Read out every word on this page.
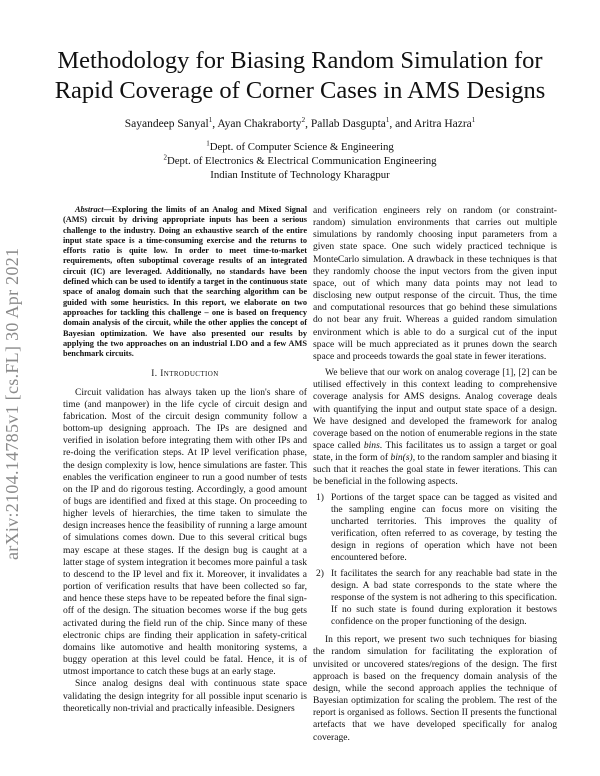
arXiv:2104.14785v1 [cs.FL] 30 Apr 2021
Methodology for Biasing Random Simulation for
Rapid Coverage of Corner Cases in AMS Designs
Sayandeep Sanyal$^1$, Ayan Chakraborty$^2$, Pallab Dasgupta$^1$, and Aritra Hazra$^1$
$^1$Dept. of Computer Science & Engineering
$^2$Dept. of Electronics & Electrical Communication Engineering
Indian Institute of Technology Kharagpur

Abstract—Exploring the limits of an Analog and Mixed Signal (AMS) circuit by driving appropriate inputs has been a serious challenge to the industry. Doing an exhaustive search of the entire input state space is a time-consuming exercise and the returns to efforts ratio is quite low. In order to meet time-to-market requirements, often suboptimal coverage results of an integrated circuit (IC) are leveraged. Additionally, no standards have been defined which can be used to identify a target in the continuous state space of analog domain such that the searching algorithm can be guided with some heuristics. In this report, we elaborate on two approaches for tackling this challenge – one is based on frequency domain analysis of the circuit, while the other applies the concept of Bayesian optimization. We have also presented our results by applying the two approaches on an industrial LDO and a few AMS benchmark circuits.

I. Introduction

Circuit validation has always taken up the lion's share of time (and manpower) in the life cycle of circuit design and fabrication. Most of the circuit design community follow a bottom-up designing approach. The IPs are designed and verified in isolation before integrating them with other IPs and re-doing the verification steps. At IP level verification phase, the design complexity is low, hence simulations are faster. This enables the verification engineer to run a good number of tests on the IP and do rigorous testing. Accordingly, a good amount of bugs are identified and fixed at this stage. On proceeding to higher levels of hierarchies, the time taken to simulate the design increases hence the feasibility of running a large amount of simulations comes down. Due to this several critical bugs may escape at these stages. If the design bug is caught at a latter stage of system integration it becomes more painful a task to descend to the IP level and fix it. Moreover, it invalidates a portion of verification results that have been collected so far, and hence these steps have to be repeated before the final sign-off of the design. The situation becomes worse if the bug gets activated during the field run of the chip. Since many of these electronic chips are finding their application in safety-critical domains like automotive and health monitoring systems, a buggy operation at this level could be fatal. Hence, it is of utmost importance to catch these bugs at an early stage.

Since analog designs deal with continuous state space validating the design integrity for all possible input scenario is theoretically non-trivial and practically infeasible. Designers

and verification engineers rely on random (or constraint-random) simulation environments that carries out multiple simulations by randomly choosing input parameters from a given state space. One such widely practiced technique is MonteCarlo simulation. A drawback in these techniques is that they randomly choose the input vectors from the given input space, out of which many data points may not lead to disclosing new output response of the circuit. Thus, the time and computational resources that go behind these simulations do not bear any fruit. Whereas a guided random simulation environment which is able to do a surgical cut of the input space will be much appreciated as it prunes down the search space and proceeds towards the goal state in fewer iterations.

We believe that our work on analog coverage [1], [2] can be utilised effectively in this context leading to comprehensive coverage analysis for AMS designs. Analog coverage deals with quantifying the input and output state space of a design. We have designed and developed the framework for analog coverage based on the notion of enumerable regions in the state space called bins. This facilitates us to assign a target or goal state, in the form of bin(s), to the random sampler and biasing it such that it reaches the goal state in fewer iterations. This can be beneficial in the following aspects.

1) Portions of the target space can be tagged as visited and the sampling engine can focus more on visiting the uncharted territories. This improves the quality of verification, often referred to as coverage, by testing the design in regions of operation which have not been encountered before.
2) It facilitates the search for any reachable bad state in the design. A bad state corresponds to the state where the response of the system is not adhering to this specification. If no such state is found during exploration it bestows confidence on the proper functioning of the design.

In this report, we present two such techniques for biasing the random simulation for facilitating the exploration of unvisited or uncovered states/regions of the design. The first approach is based on the frequency domain analysis of the design, while the second approach applies the technique of Bayesian optimization for scaling the problem. The rest of the report is organised as follows. Section II presents the functional artefacts that we have developed specifically for analog coverage.
